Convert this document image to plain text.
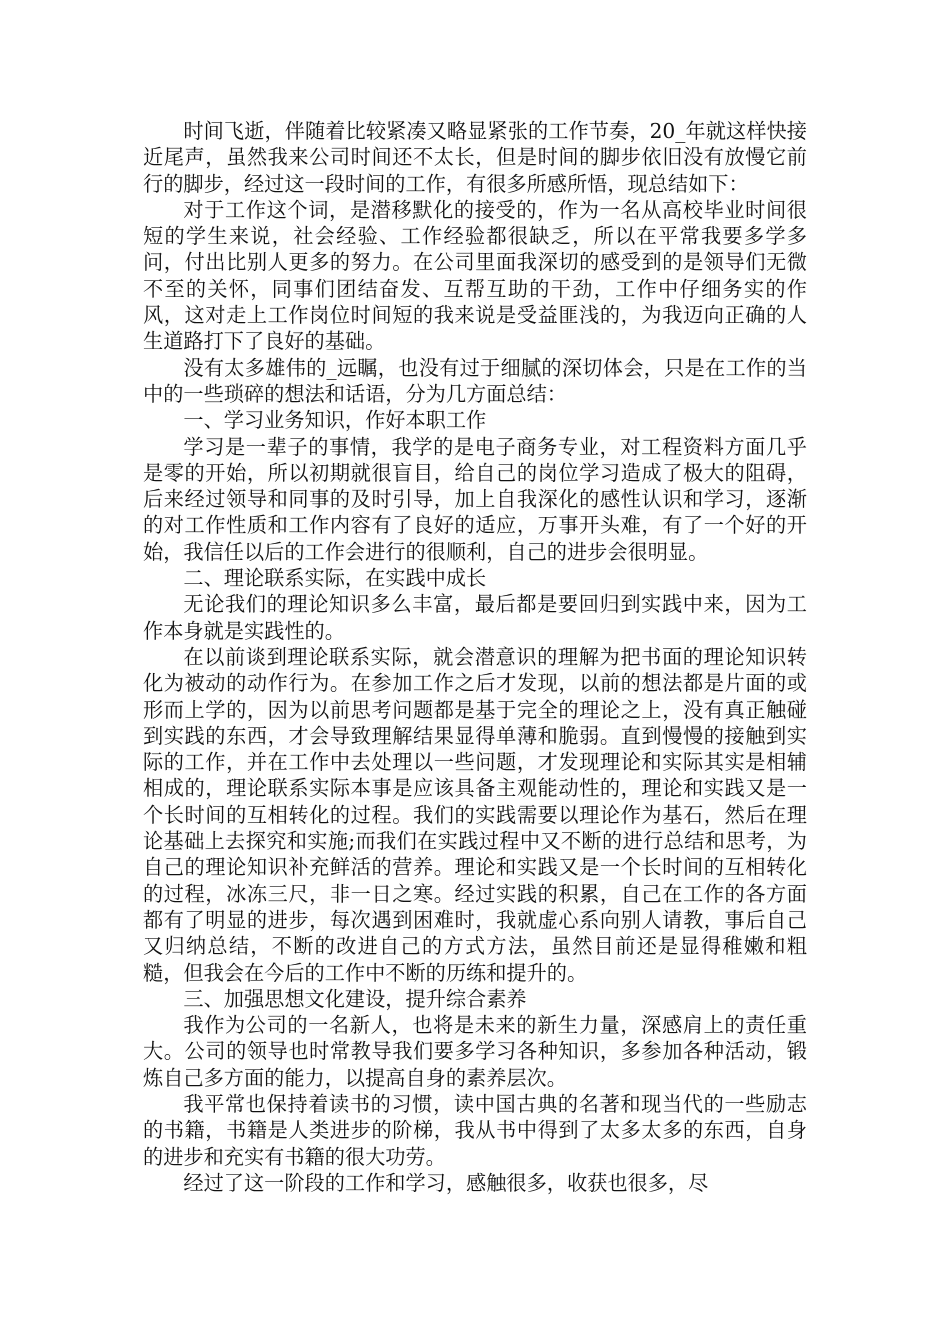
时间飞逝，伴随着比较紧凑又略显紧张的工作节奏，20_年就这样快接近尾声，虽然我来公司时间还不太长，但是时间的脚步依旧没有放慢它前行的脚步，经过这一段时间的工作，有很多所感所悟，现总结如下：

对于工作这个词，是潜移默化的接受的，作为一名从高校毕业时间很短的学生来说，社会经验、工作经验都很缺乏，所以在平常我要多学多问，付出比别人更多的努力。在公司里面我深切的感受到的是领导们无微不至的关怀，同事们团结奋发、互帮互助的干劲，工作中仔细务实的作风，这对走上工作岗位时间短的我来说是受益匪浅的，为我迈向正确的人生道路打下了良好的基础。

没有太多雄伟的_远瞩，也没有过于细腻的深切体会，只是在工作的当中的一些琐碎的想法和话语，分为几方面总结：

一、学习业务知识，作好本职工作

学习是一辈子的事情，我学的是电子商务专业，对工程资料方面几乎是零的开始，所以初期就很盲目，给自己的岗位学习造成了极大的阻碍，后来经过领导和同事的及时引导，加上自我深化的感性认识和学习，逐渐的对工作性质和工作内容有了良好的适应，万事开头难，有了一个好的开始，我信任以后的工作会进行的很顺利，自己的进步会很明显。

二、理论联系实际，在实践中成长

无论我们的理论知识多么丰富，最后都是要回归到实践中来，因为工作本身就是实践性的。

在以前谈到理论联系实际，就会潜意识的理解为把书面的理论知识转化为被动的动作行为。在参加工作之后才发现，以前的想法都是片面的或形而上学的，因为以前思考问题都是基于完全的理论之上，没有真正触碰到实践的东西，才会导致理解结果显得单薄和脆弱。直到慢慢的接触到实际的工作，并在工作中去处理以一些问题，才发现理论和实际其实是相辅相成的，理论联系实际本事是应该具备主观能动性的，理论和实践又是一个长时间的互相转化的过程。我们的实践需要以理论作为基石，然后在理论基础上去探究和实施;而我们在实践过程中又不断的进行总结和思考，为自己的理论知识补充鲜活的营养。理论和实践又是一个长时间的互相转化的过程，冰冻三尺，非一日之寒。经过实践的积累，自己在工作的各方面都有了明显的进步，每次遇到困难时，我就虚心系向别人请教，事后自己又归纳总结，不断的改进自己的方式方法，虽然目前还是显得稚嫩和粗糙，但我会在今后的工作中不断的历练和提升的。

三、加强思想文化建设，提升综合素养

我作为公司的一名新人，也将是未来的新生力量，深感肩上的责任重大。公司的领导也时常教导我们要多学习各种知识，多参加各种活动，锻炼自己多方面的能力，以提高自身的素养层次。

我平常也保持着读书的习惯，读中国古典的名著和现当代的一些励志的书籍，书籍是人类进步的阶梯，我从书中得到了太多太多的东西，自身的进步和充实有书籍的很大功劳。

经过了这一阶段的工作和学习，感触很多，收获也很多，尽
